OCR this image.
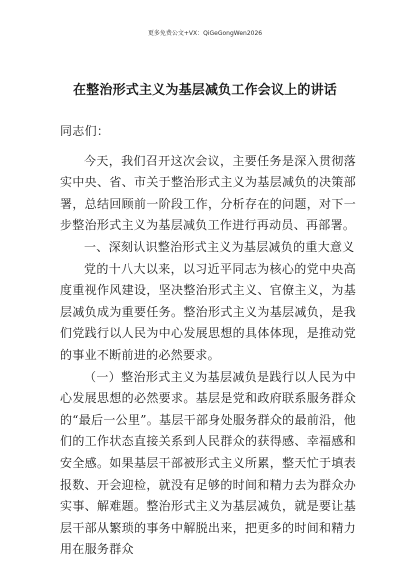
更多免费公文+VX：QiGeGongWen2026
在整治形式主义为基层减负工作会议上的讲话

同志们：

今天，我们召开这次会议，主要任务是深入贯彻落实中央、省、市关于整治形式主义为基层减负的决策部署，总结回顾前一阶段工作，分析存在的问题，对下一步整治形式主义为基层减负工作进行再动员、再部署。

一、深刻认识整治形式主义为基层减负的重大意义

党的十八大以来，以习近平同志为核心的党中央高度重视作风建设，坚决整治形式主义、官僚主义，为基层减负成为重要任务。整治形式主义为基层减负，是我们党践行以人民为中心发展思想的具体体现，是推动党的事业不断前进的必然要求。

（一）整治形式主义为基层减负是践行以人民为中心发展思想的必然要求。基层是党和政府联系服务群众的“最后一公里”。基层干部身处服务群众的最前沿，他们的工作状态直接关系到人民群众的获得感、幸福感和安全感。如果基层干部被形式主义所累，整天忙于填表报数、开会迎检，就没有足够的时间和精力去为群众办实事、解难题。整治形式主义为基层减负，就是要让基层干部从繁琐的事务中解脱出来，把更多的时间和精力用在服务群众
